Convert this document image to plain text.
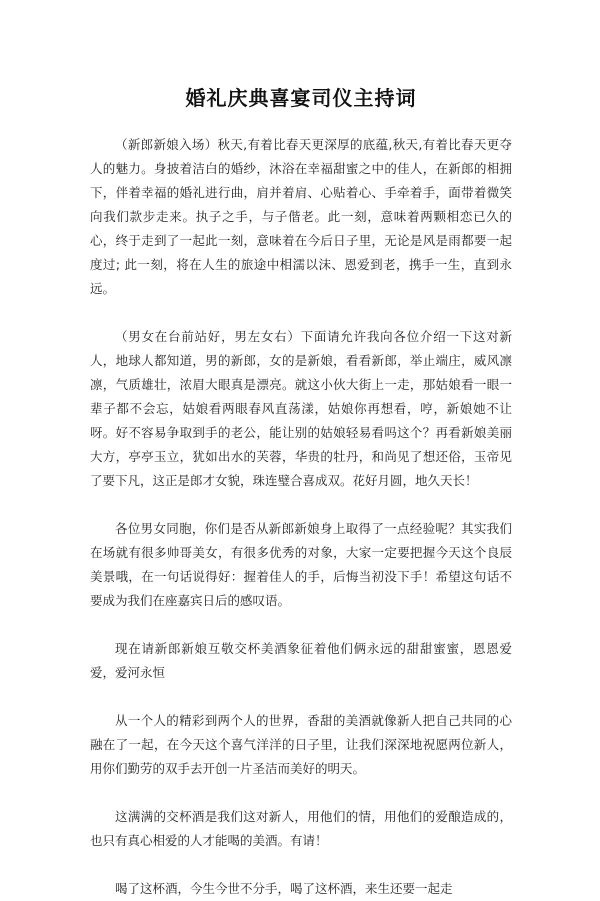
婚礼庆典喜宴司仪主持词

（新郎新娘入场）秋天,有着比春天更深厚的底蕴,秋天,有着比春天更夺人的魅力。身披着洁白的婚纱，沐浴在幸福甜蜜之中的佳人，在新郎的相拥下，伴着幸福的婚礼进行曲，肩并着肩、心贴着心、手牵着手，面带着微笑向我们款步走来。执子之手，与子偕老。此一刻，意味着两颗相恋已久的心，终于走到了一起此一刻，意味着在今后日子里，无论是风是雨都要一起度过; 此一刻，将在人生的旅途中相濡以沫、恩爱到老，携手一生，直到永远。

（男女在台前站好，男左女右）下面请允许我向各位介绍一下这对新人，地球人都知道，男的新郎，女的是新娘，看看新郎，举止端庄，威风凛凛，气质雄壮，浓眉大眼真是漂亮。就这小伙大街上一走，那姑娘看一眼一辈子都不会忘，姑娘看两眼春风直荡漾，姑娘你再想看，哼，新娘她不让呀。好不容易争取到手的老公，能让别的姑娘轻易看吗这个？再看新娘美丽大方，亭亭玉立，犹如出水的芙蓉，华贵的牡丹，和尚见了想还俗，玉帝见了要下凡，这正是郎才女貌，珠连璧合喜成双。花好月圆，地久天长！

各位男女同胞，你们是否从新郎新娘身上取得了一点经验呢？其实我们在场就有很多帅哥美女，有很多优秀的对象，大家一定要把握今天这个良辰美景哦，在一句话说得好：握着佳人的手，后悔当初没下手！希望这句话不要成为我们在座嘉宾日后的感叹语。

现在请新郎新娘互敬交杯美酒象征着他们俩永远的甜甜蜜蜜，恩恩爱爱，爱河永恒

从一个人的精彩到两个人的世界，香甜的美酒就像新人把自己共同的心融在了一起，在今天这个喜气洋洋的日子里，让我们深深地祝愿两位新人，用你们勤劳的双手去开创一片圣洁而美好的明天。

这满满的交杯酒是我们这对新人，用他们的情，用他们的爱酿造成的，也只有真心相爱的人才能喝的美酒。有请！

喝了这杯酒，今生今世不分手，喝了这杯酒，来生还要一起走
